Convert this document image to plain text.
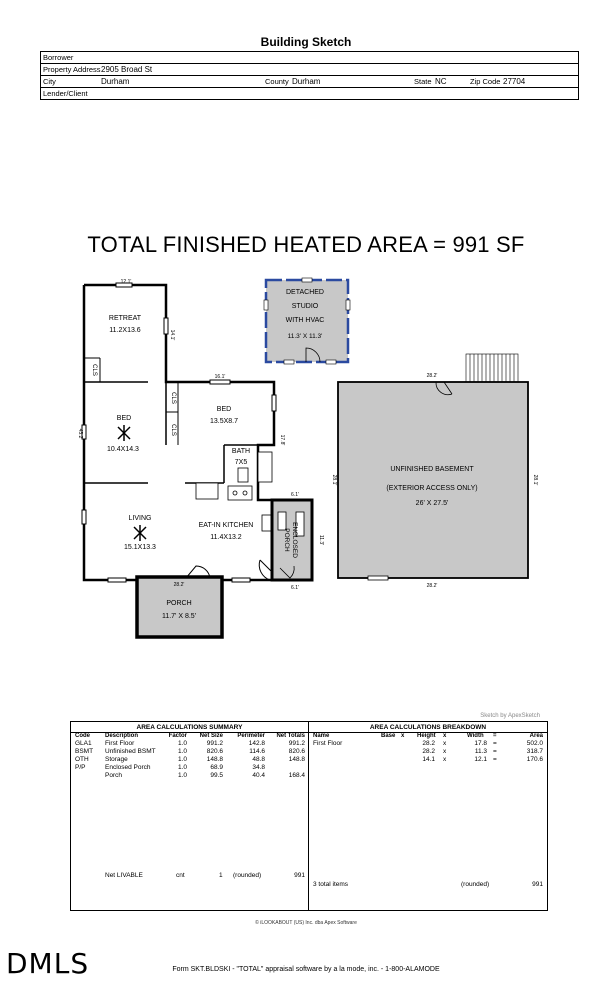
Building Sketch
Borrower
Property Address 2905 Broad St
City	Durham	County Durham	State NC	Zip Code 27704
Lender/Client
TOTAL FINISHED HEATED AREA = 991 SF
RETREAT
11.2X13.6
BED
10.4X14.3
BED
13.5X8.7
BATH
7X5
LIVING
15.1X13.3
EAT-IN KITCHEN
11.4X13.2
PORCH
11.7' X 8.5'
DETACHED
STUDIO
WITH HVAC
11.3' X 11.3'
UNFINISHED BASEMENT
(EXTERIOR ACCESS ONLY)
26' X 27.5'
ENCLOSED
PORCH
CLS
CLS
CLS
12.1'
14.1'
43.2'
16.1'
17.8'
6.1'
11.3'
6.1'
28.2'
28.2'
28.1'	28.1'
28.2'
Sketch by ApexSketch
AREA CALCULATIONS SUMMARY
Code	Description	Factor	Net Size	Perimeter	Net Totals
GLA1 First Floor	1.0	991.2	142.8	991.2
BSMT Unfinished BSMT	1.0	820.6	114.6	820.6
OTH	Storage	1.0	148.8	48.8	148.8
P/P	Enclosed Porch	1.0	68.9	34.8
Porch	1.0	99.5	40.4	168.4
Net LIVABLE	cnt	1 (rounded)	991
AREA CALCULATIONS BREAKDOWN
Name	Base x Height x	Width =	Area
First Floor	28.2 x	17.8 =	502.0
28.2 x	11.3 =	318.7
14.1 x	12.1 =	170.6
3 total items	(rounded)	991
© iLOOKABOUT (US) Inc. dba Apex Software
DMLS	Form SKT.BLDSKI - "TOTAL" appraisal software by a la mode, inc. - 1-800-ALAMODE
